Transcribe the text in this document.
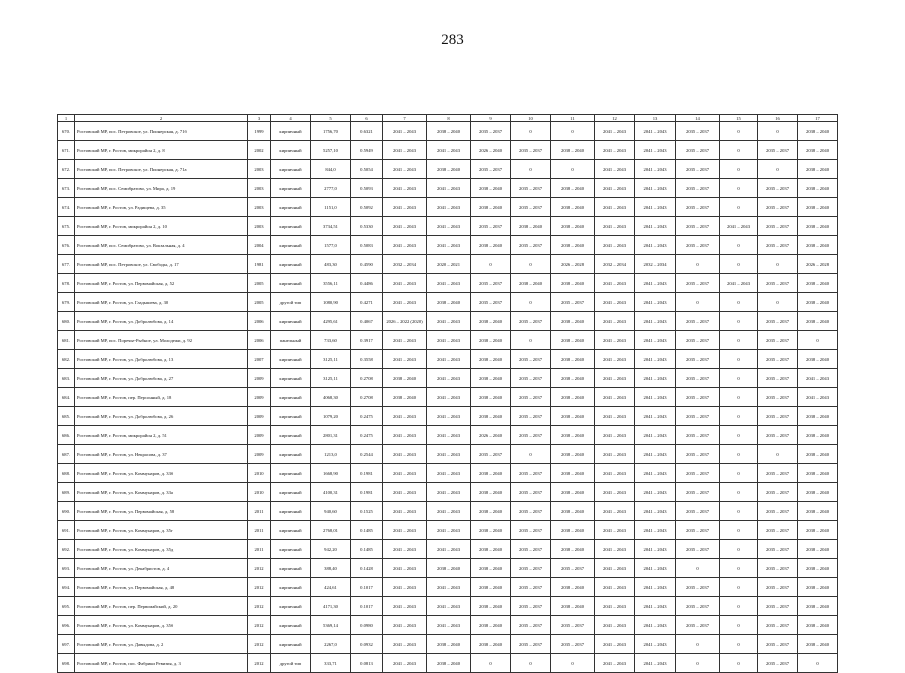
283
1	2	3	4	5	6	7	8	9	10	11	12	13	14	15	16	17
670.	Ростовский МР, пос. Петровское, ул. Пионерская, д. 71б	1999	кирпичный	1756,70	0.6321	2041 – 2043	2038 – 2040	2035 – 2037	0	0	2041 – 2043	2041 – 2043	2035 – 2037	0	0	2038 – 2040
671.	Ростовский МР, г. Ростов, микрорайон 2, д. 8	2002	кирпичный	5257,10	0.5949	2041 – 2043	2041 – 2043	2026 – 2040	2035 – 2037	2038 – 2040	2041 – 2043	2041 – 2043	2035 – 2037	0	2035 – 2037	2038 – 2040
672.	Ростовский МР, пос. Петровское, ул. Пионерская, д. 71а	2003	кирпичный	844,0	0.5054	2041 – 2043	2038 – 2040	2035 – 2037	0	0	2041 – 2043	2041 – 2043	2035 – 2037	0	0	2038 – 2040
673.	Ростовский МР, пос. Семибратово, ул. Мира, д. 19	2003	кирпичный	2777,0	0.5093	2041 – 2043	2041 – 2043	2038 – 2040	2035 – 2037	2038 – 2040	2041 – 2043	2041 – 2043	2035 – 2037	0	2035 – 2037	2038 – 2040
674.	Ростовский МР, г. Ростов, ул. Радищева, д. 35	2003	кирпичный	1151,0	0.5092	2041 – 2043	2041 – 2043	2038 – 2040	2035 – 2037	2038 – 2040	2041 – 2043	2041 – 2043	2035 – 2037	0	2035 – 2037	2038 – 2040
675.	Ростовский МР, г. Ростов, микрорайон 2, д. 10	2003	кирпичный	3734,51	0.5330	2041 – 2043	2041 – 2043	2035 – 2037	2038 – 2040	2038 – 2040	2041 – 2043	2041 – 2043	2035 – 2037	2041 – 2043	2035 – 2037	2038 – 2040
676.	Ростовский МР, пос. Семибратово, ул. Вокзальная, д. 4	2004	кирпичный	1577,0	0.5083	2041 – 2043	2041 – 2043	2038 – 2040	2035 – 2037	2038 – 2040	2041 – 2043	2041 – 2043	2035 – 2037	0	2035 – 2037	2038 – 2040
677.	Ростовский МР, пос. Петровское, ул. Свободы, д. 17	1981	кирпичный	483,30	0.4590	2032 – 2034	2020 – 2021	0	0	2026 – 2028	2032 – 2034	2032 – 2034	0	0	0	2026 – 2028
678.	Ростовский МР, г. Ростов, ул. Первомайская, д. 52	2005	кирпичный	3556,11	0.4486	2041 – 2043	2041 – 2043	2035 – 2037	2038 – 2040	2038 – 2040	2041 – 2043	2041 – 2043	2035 – 2037	2041 – 2043	2035 – 2037	2038 – 2040
679.	Ростовский МР, г. Ростов, ул. Гладышева, д. 30	2005	другой тип	1080,90	0.4271	2041 – 2043	2038 – 2040	2035 – 2037	0	2035 – 2037	2041 – 2043	2041 – 2043	0	0	0	2038 – 2040
680.	Ростовский МР, г. Ростов, ул. Добролюбова, д. 14	2006	кирпичный	4295,61	0.4067	2026 – 2022 (2020)	2041 – 2043	2038 – 2040	2035 – 2037	2038 – 2040	2041 – 2043	2041 – 2043	2035 – 2037	0	2035 – 2037	2038 – 2040
681.	Ростовский МР, пос. Поречье-Рыбное, ул. Молодежи, д. 92	2006	панельный	733,60	0.3917	2041 – 2043	2041 – 2043	2038 – 2040	0	2038 – 2040	2041 – 2043	2041 – 2043	2035 – 2037	0	2035 – 2037	0
682.	Ростовский МР, г. Ростов, ул. Добролюбова, д. 13	2007	кирпичный	3125,11	0.3558	2041 – 2043	2041 – 2043	2038 – 2040	2035 – 2037	2038 – 2040	2041 – 2043	2041 – 2043	2035 – 2037	0	2035 – 2037	2038 – 2040
683.	Ростовский МР, г. Ростов, ул. Добролюбова, д. 27	2009	кирпичный	3125,11	0.2708	2038 – 2040	2041 – 2043	2038 – 2040	2035 – 2037	2038 – 2040	2041 – 2043	2041 – 2043	2035 – 2037	0	2035 – 2037	2041 – 2043
684.	Ростовский МР, г. Ростов, пер. Персонный, д. 18	2009	кирпичный	4068,30	0.2708	2038 – 2040	2041 – 2043	2038 – 2040	2035 – 2037	2038 – 2040	2041 – 2043	2041 – 2043	2035 – 2037	0	2035 – 2037	2041 – 2043
685.	Ростовский МР, г. Ростов, ул. Добролюбова, д. 26	2009	кирпичный	1079,20	0.2475	2041 – 2043	2041 – 2043	2038 – 2040	2035 – 2037	2038 – 2040	2041 – 2043	2041 – 2043	2035 – 2037	0	2035 – 2037	2038 – 2040
686.	Ростовский МР, г. Ростов, микрорайон 2, д. 51	2009	кирпичный	2801,31	0.2475	2041 – 2043	2041 – 2043	2026 – 2040	2035 – 2037	2038 – 2040	2041 – 2043	2041 – 2043	2035 – 2037	0	2035 – 2037	2038 – 2040
687.	Ростовский МР, г. Ростов, ул. Некрасова, д. 37	2009	кирпичный	1213,0	0.2544	2041 – 2043	2041 – 2043	2035 – 2037	0	2038 – 2040	2041 – 2043	2041 – 2043	2035 – 2037	0	0	2038 – 2040
688.	Ростовский МР, г. Ростов, ул. Коммунаров, д. 33б	2010	кирпичный	1668,90	0.1981	2041 – 2043	2041 – 2043	2038 – 2040	2035 – 2037	2038 – 2040	2041 – 2043	2041 – 2043	2035 – 2037	0	2035 – 2037	2038 – 2040
689.	Ростовский МР, г. Ростов, ул. Коммунаров, д. 33а	2010	кирпичный	4100,31	0.1981	2041 – 2043	2041 – 2043	2038 – 2040	2035 – 2037	2038 – 2040	2041 – 2043	2041 – 2043	2035 – 2037	0	2035 – 2037	2038 – 2040
690.	Ростовский МР, г. Ростов, ул. Первомайская, д. 58	2011	кирпичный	940,60	0.1525	2041 – 2043	2041 – 2043	2038 – 2040	2035 – 2037	2038 – 2040	2041 – 2043	2041 – 2043	2035 – 2037	0	2035 – 2037	2038 – 2040
691.	Ростовский МР, г. Ростов, ул. Коммунаров, д. 35г	2011	кирпичный	2768,01	0.1485	2041 – 2043	2041 – 2043	2038 – 2040	2035 – 2037	2038 – 2040	2041 – 2043	2041 – 2043	2035 – 2037	0	2035 – 2037	2038 – 2040
692.	Ростовский МР, г. Ростов, ул. Коммунаров, д. 35д	2011	кирпичный	942,20	0.1485	2041 – 2043	2041 – 2043	2038 – 2040	2035 – 2037	2038 – 2040	2041 – 2043	2041 – 2043	2035 – 2037	0	2035 – 2037	2038 – 2040
693.	Ростовский МР, г. Ростов, ул. Декабристов, д. 4	2012	кирпичный	388,40	0.1428	2041 – 2043	2038 – 2040	2038 – 2040	2035 – 2037	2035 – 2037	2041 – 2043	2041 – 2043	0	0	2035 – 2037	2038 – 2040
694.	Ростовский МР, г. Ростов, ул. Первомайская, д. 48	2012	кирпичный	424,61	0.1017	2041 – 2043	2041 – 2043	2038 – 2040	2035 – 2037	2038 – 2040	2041 – 2043	2041 – 2043	2035 – 2037	0	2035 – 2037	2038 – 2040
695.	Ростовский МР, г. Ростов, пер. Первомайский, д. 20	2012	кирпичный	4171,30	0.1017	2041 – 2043	2041 – 2043	2038 – 2040	2035 – 2037	2038 – 2040	2041 – 2043	2041 – 2043	2035 – 2037	0	2035 – 2037	2038 – 2040
696.	Ростовский МР, г. Ростов, ул. Коммунаров, д. 35б	2012	кирпичный	5369,14	0.0980	2041 – 2043	2041 – 2043	2038 – 2040	2035 – 2037	2035 – 2037	2041 – 2043	2041 – 2043	2035 – 2037	0	2035 – 2037	2038 – 2040
697.	Ростовский МР, г. Ростов, ул. Давыдова, д. 2	2012	кирпичный	2267,0	0.0932	2041 – 2043	2038 – 2040	2038 – 2040	2035 – 2037	2035 – 2037	2041 – 2043	2041 – 2043	0	0	2035 – 2037	2038 – 2040
698.	Ростовский МР, г. Ростов, пос. Фабрики Ревизия, д. 3	2012	другой тип	333,71	0.0813	2041 – 2043	2038 – 2040	0	0	0	2041 – 2043	2041 – 2043	0	0	2035 – 2037	0
